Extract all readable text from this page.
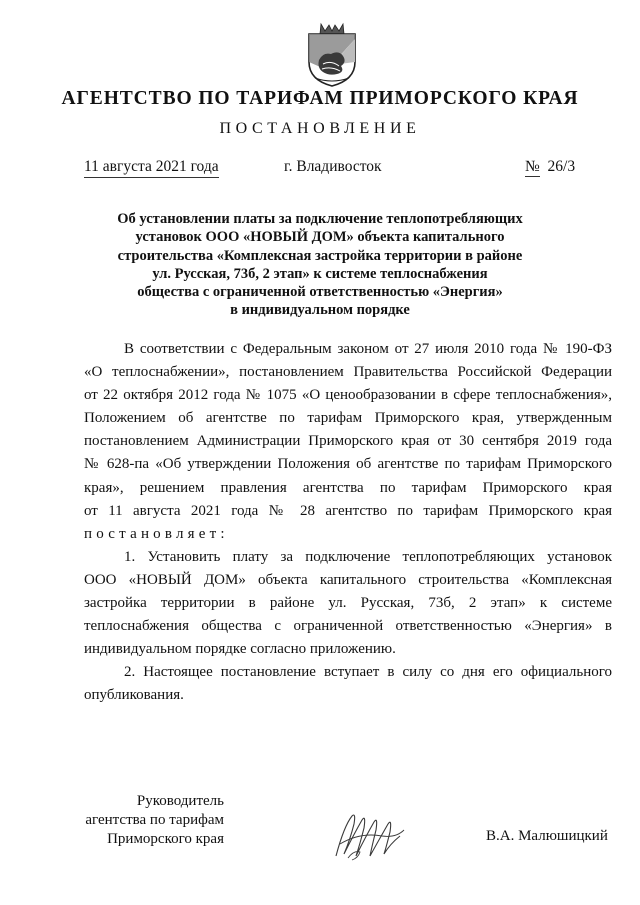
АГЕНТСТВО ПО ТАРИФАМ ПРИМОРСКОГО КРАЯ
ПОСТАНОВЛЕНИЕ
11 августа 2021 года	г. Владивосток	№ 26/3
Об установлении платы за подключение теплопотребляющих
установок ООО «НОВЫЙ ДОМ» объекта капитального
строительства «Комплексная застройка территории в районе
ул. Русская, 73б, 2 этап» к системе теплоснабжения
общества с ограниченной ответственностью «Энергия»
в индивидуальном порядке
В соответствии с Федеральным законом от 27 июля 2010 года № 190-ФЗ
«О теплоснабжении», постановлением Правительства Российской Федерации
от 22 октября 2012 года № 1075 «О ценообразовании в сфере теплоснабжения»,
Положением об агентстве по тарифам Приморского края, утвержденным
постановлением Администрации Приморского края от 30 сентября 2019 года
№ 628-па «Об утверждении Положения об агентстве по тарифам Приморского
края», решением правления агентства по тарифам Приморского края
от 11 августа 2021 года № 28 агентство по тарифам Приморского края
постановляет:
1. Установить плату за подключение теплопотребляющих установок
ООО «НОВЫЙ ДОМ» объекта капитального строительства «Комплексная
застройка территории в районе ул. Русская, 73б, 2 этап» к системе
теплоснабжения общества с ограниченной ответственностью «Энергия» в
индивидуальном порядке согласно приложению.
2. Настоящее постановление вступает в силу со дня его официального
опубликования.
Руководитель
агентства по тарифам
Приморского края	В.А. Малюшицкий
